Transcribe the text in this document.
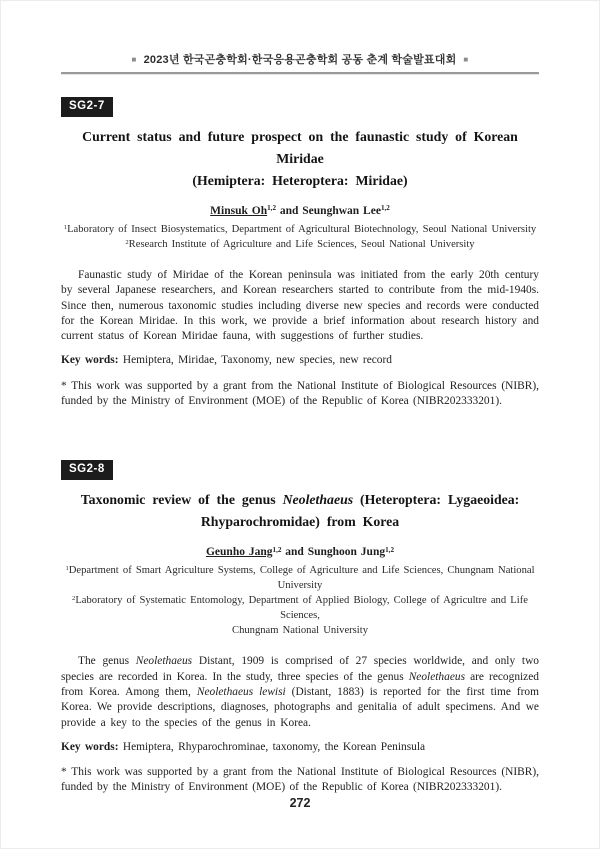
■ 2023년 한국곤충학회·한국응용곤충학회 공동 춘계 학술발표대회 ■
SG2-7
Current status and future prospect on the faunastic study of Korean Miridae
(Hemiptera: Heteroptera: Miridae)

Minsuk Oh$^{1,2}$ and Seunghwan Lee$^{1,2}$

$^1$Laboratory of Insect Biosystematics, Department of Agricultural Biotechnology, Seoul National University

$^2$Research Institute of Agriculture and Life Sciences, Seoul National University

Faunastic study of Miridae of the Korean peninsula was initiated from the early 20th century by several Japanese researchers, and Korean researchers started to contribute from the mid-1940s. Since then, numerous taxonomic studies including diverse new species and records were conducted for the Korean Miridae. In this work, we provide a brief information about research history and current status of Korean Miridae fauna, with suggestions of further studies.

Key words: Hemiptera, Miridae, Taxonomy, new species, new record

* This work was supported by a grant from the National Institute of Biological Resources (NIBR), funded by the Ministry of Environment (MOE) of the Republic of Korea (NIBR202333201).

SG2-8
Taxonomic review of the genus Neolethaeus (Heteroptera: Lygaeoidea:
Rhyparochromidae) from Korea

Geunho Jang$^{1,2}$ and Sunghoon Jung$^{1,2}$

$^1$Department of Smart Agriculture Systems, College of Agriculture and Life Sciences, Chungnam National University

$^2$Laboratory of Systematic Entomology, Department of Applied Biology, College of Agricultre and Life Sciences,

Chungnam National University

The genus Neolethaeus Distant, 1909 is comprised of 27 species worldwide, and only two species are recorded in Korea. In the study, three species of the genus Neolethaeus are recognized from Korea. Among them, Neolethaeus lewisi (Distant, 1883) is reported for the first time from Korea. We provide descriptions, diagnoses, photographs and genitalia of adult specimens. And we provide a key to the species of the genus in Korea.

Key words: Hemiptera, Rhyparochrominae, taxonomy, the Korean Peninsula

* This work was supported by a grant from the National Institute of Biological Resources (NIBR), funded by the Ministry of Environment (MOE) of the Republic of Korea (NIBR202333201).

272
